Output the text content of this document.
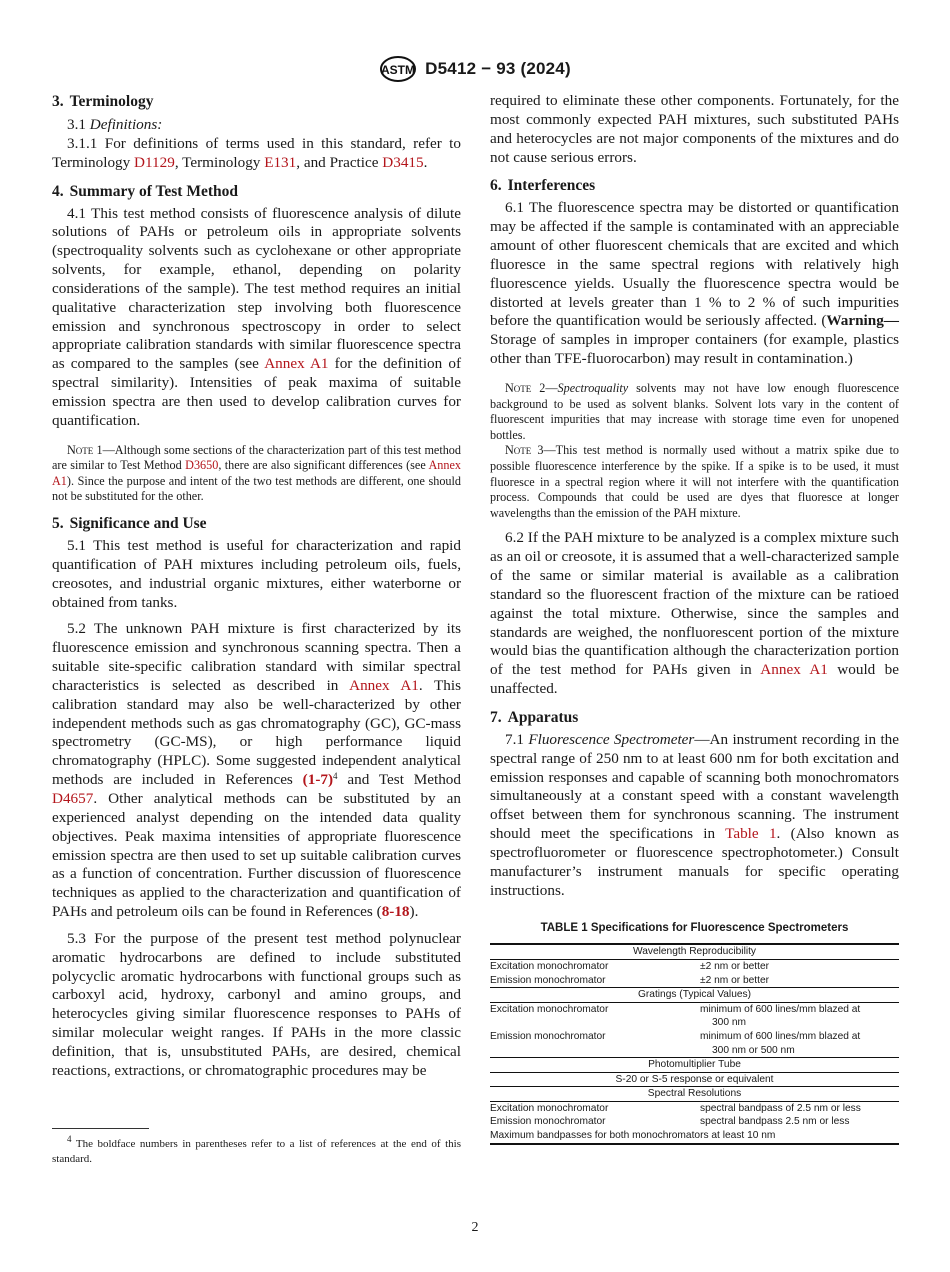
ASTM D5412 − 93 (2024)
3. Terminology

3.1 Definitions:

3.1.1 For definitions of terms used in this standard, refer to Terminology D1129, Terminology E131, and Practice D3415.

4. Summary of Test Method

4.1 This test method consists of fluorescence analysis of dilute solutions of PAHs or petroleum oils in appropriate solvents (spectroquality solvents such as cyclohexane or other appropriate solvents, for example, ethanol, depending on polarity considerations of the sample). The test method requires an initial qualitative characterization step involving both fluorescence emission and synchronous spectroscopy in order to select appropriate calibration standards with similar fluorescence spectra as compared to the samples (see Annex A1 for the definition of spectral similarity). Intensities of peak maxima of suitable emission spectra are then used to develop calibration curves for quantification.

Note 1—Although some sections of the characterization part of this test method are similar to Test Method D3650, there are also significant differences (see Annex A1). Since the purpose and intent of the two test methods are different, one should not be substituted for the other.

5. Significance and Use

5.1 This test method is useful for characterization and rapid quantification of PAH mixtures including petroleum oils, fuels, creosotes, and industrial organic mixtures, either waterborne or obtained from tanks.

5.2 The unknown PAH mixture is first characterized by its fluorescence emission and synchronous scanning spectra. Then a suitable site-specific calibration standard with similar spectral characteristics is selected as described in Annex A1. This calibration standard may also be well-characterized by other independent methods such as gas chromatography (GC), GC-mass spectrometry (GC-MS), or high performance liquid chromatography (HPLC). Some suggested independent analytical methods are included in References $(1-7)^4$ and Test Method D4657. Other analytical methods can be substituted by an experienced analyst depending on the intended data quality objectives. Peak maxima intensities of appropriate fluorescence emission spectra are then used to set up suitable calibration curves as a function of concentration. Further discussion of fluorescence techniques as applied to the characterization and quantification of PAHs and petroleum oils can be found in References (8-18).

5.3 For the purpose of the present test method polynuclear aromatic hydrocarbons are defined to include substituted polycyclic aromatic hydrocarbons with functional groups such as carboxyl acid, hydroxy, carbonyl and amino groups, and heterocycles giving similar fluorescence responses to PAHs of similar molecular weight ranges. If PAHs in the more classic definition, that is, unsubstituted PAHs, are desired, chemical reactions, extractions, or chromatographic procedures may be

$^4$ The boldface numbers in parentheses refer to a list of references at the end of this standard.

required to eliminate these other components. Fortunately, for the most commonly expected PAH mixtures, such substituted PAHs and heterocycles are not major components of the mixtures and do not cause serious errors.

6. Interferences

6.1 The fluorescence spectra may be distorted or quantification may be affected if the sample is contaminated with an appreciable amount of other fluorescent chemicals that are excited and which fluoresce in the same spectral regions with relatively high fluorescence yields. Usually the fluorescence spectra would be distorted at levels greater than 1 % to 2 % of such impurities before the quantification would be seriously affected. (Warning—Storage of samples in improper containers (for example, plastics other than TFE-fluorocarbon) may result in contamination.)

Note 2—Spectroquality solvents may not have low enough fluorescence background to be used as solvent blanks. Solvent lots vary in the content of fluorescent impurities that may increase with storage time even for unopened bottles.

Note 3—This test method is normally used without a matrix spike due to possible fluorescence interference by the spike. If a spike is to be used, it must fluoresce in a spectral region where it will not interfere with the quantification process. Compounds that could be used are dyes that fluoresce at longer wavelengths than the emission of the PAH mixture.

6.2 If the PAH mixture to be analyzed is a complex mixture such as an oil or creosote, it is assumed that a well-characterized sample of the same or similar material is available as a calibration standard so the fluorescent fraction of the mixture can be ratioed against the total mixture. Otherwise, since the samples and standards are weighed, the nonfluorescent portion of the mixture would bias the quantification although the characterization portion of the test method for PAHs given in Annex A1 would be unaffected.

7. Apparatus

7.1 Fluorescence Spectrometer—An instrument recording in the spectral range of 250 nm to at least 600 nm for both excitation and emission responses and capable of scanning both monochromators simultaneously at a constant speed with a constant wavelength offset between them for synchronous scanning. The instrument should meet the specifications in Table 1. (Also known as spectrofluorometer or fluorescence spectrophotometer.) Consult manufacturer’s instrument manuals for specific operating instructions.

TABLE 1 Specifications for Fluorescence Spectrometers
Wavelength Reproducibility	
Excitation monochromator	±2 nm or better
Emission monochromator	±2 nm or better
Gratings (Typical Values)	
Excitation monochromator	minimum of 600 lines/mm blazed at
300 nm

Emission monochromator	minimum of 600 lines/mm blazed at
300 nm or 500 nm

Photomultiplier Tube	
S-20 or S-5 response or equivalent	
Spectral Resolutions	
Excitation monochromator	spectral bandpass of 2.5 nm or less
Emission monochromator	spectral bandpass 2.5 nm or less
Maximum bandpasses for both monochromators at least 10 nm	
2
